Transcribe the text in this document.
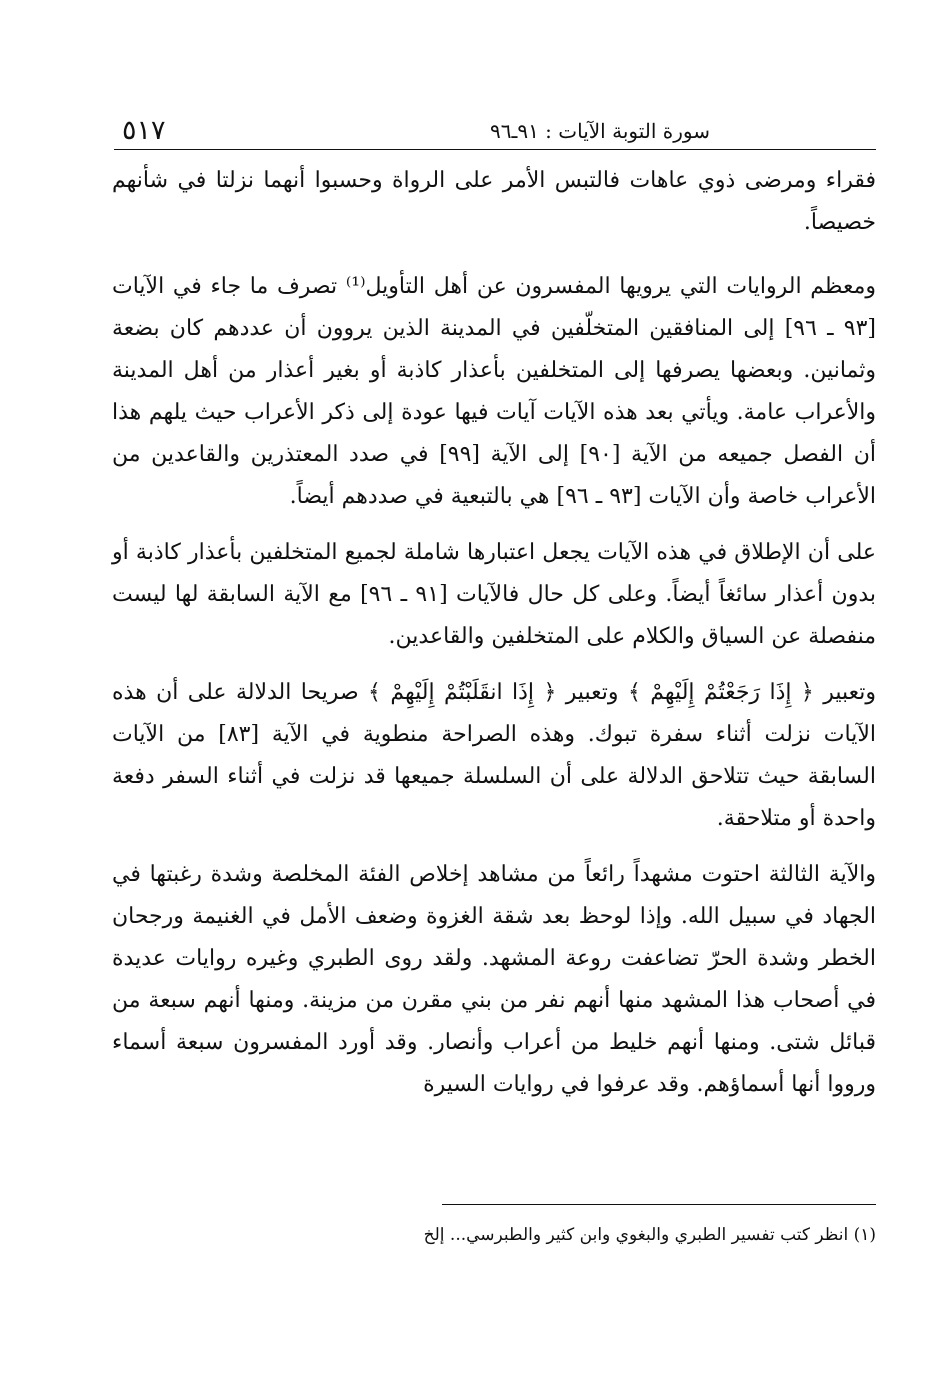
٥١٧	سورة التوبة الآيات : ٩١ـ٩٦

فقراء ومرضى ذوي عاهات فالتبس الأمر على الرواة وحسبوا أنهما نزلتا في شأنهم خصيصاً.

ومعظم الروايات التي يرويها المفسرون عن أهل التأويل⁽¹⁾ تصرف ما جاء في الآيات [٩٣ ـ ٩٦] إلى المنافقين المتخلّفين في المدينة الذين يروون أن عددهم كان بضعة وثمانين. وبعضها يصرفها إلى المتخلفين بأعذار كاذبة أو بغير أعذار من أهل المدينة والأعراب عامة. ويأتي بعد هذه الآيات آيات فيها عودة إلى ذكر الأعراب حيث يلهم هذا أن الفصل جميعه من الآية [٩٠] إلى الآية [٩٩] في صدد المعتذرين والقاعدين من الأعراب خاصة وأن الآيات [٩٣ ـ ٩٦] هي بالتبعية في صددهم أيضاً.

على أن الإطلاق في هذه الآيات يجعل اعتبارها شاملة لجميع المتخلفين بأعذار كاذبة أو بدون أعذار سائغاً أيضاً. وعلى كل حال فالآيات [٩١ ـ ٩٦] مع الآية السابقة لها ليست منفصلة عن السياق والكلام على المتخلفين والقاعدين.

وتعبير ﴿ إِذَا رَجَعْتُمْ إِلَيْهِمْ ﴾ وتعبير ﴿ إِذَا انقَلَبْتُمْ إِلَيْهِمْ ﴾ صريحا الدلالة على أن هذه الآيات نزلت أثناء سفرة تبوك. وهذه الصراحة منطوية في الآية [٨٣] من الآيات السابقة حيث تتلاحق الدلالة على أن السلسلة جميعها قد نزلت في أثناء السفر دفعة واحدة أو متلاحقة.

والآية الثالثة احتوت مشهداً رائعاً من مشاهد إخلاص الفئة المخلصة وشدة رغبتها في الجهاد في سبيل الله. وإذا لوحظ بعد شقة الغزوة وضعف الأمل في الغنيمة ورجحان الخطر وشدة الحرّ تضاعفت روعة المشهد. ولقد روى الطبري وغيره روايات عديدة في أصحاب هذا المشهد منها أنهم نفر من بني مقرن من مزينة. ومنها أنهم سبعة من قبائل شتى. ومنها أنهم خليط من أعراب وأنصار. وقد أورد المفسرون سبعة أسماء ورووا أنها أسماؤهم. وقد عرفوا في روايات السيرة

(١) انظر كتب تفسير الطبري والبغوي وابن كثير والطبرسي... إلخ
